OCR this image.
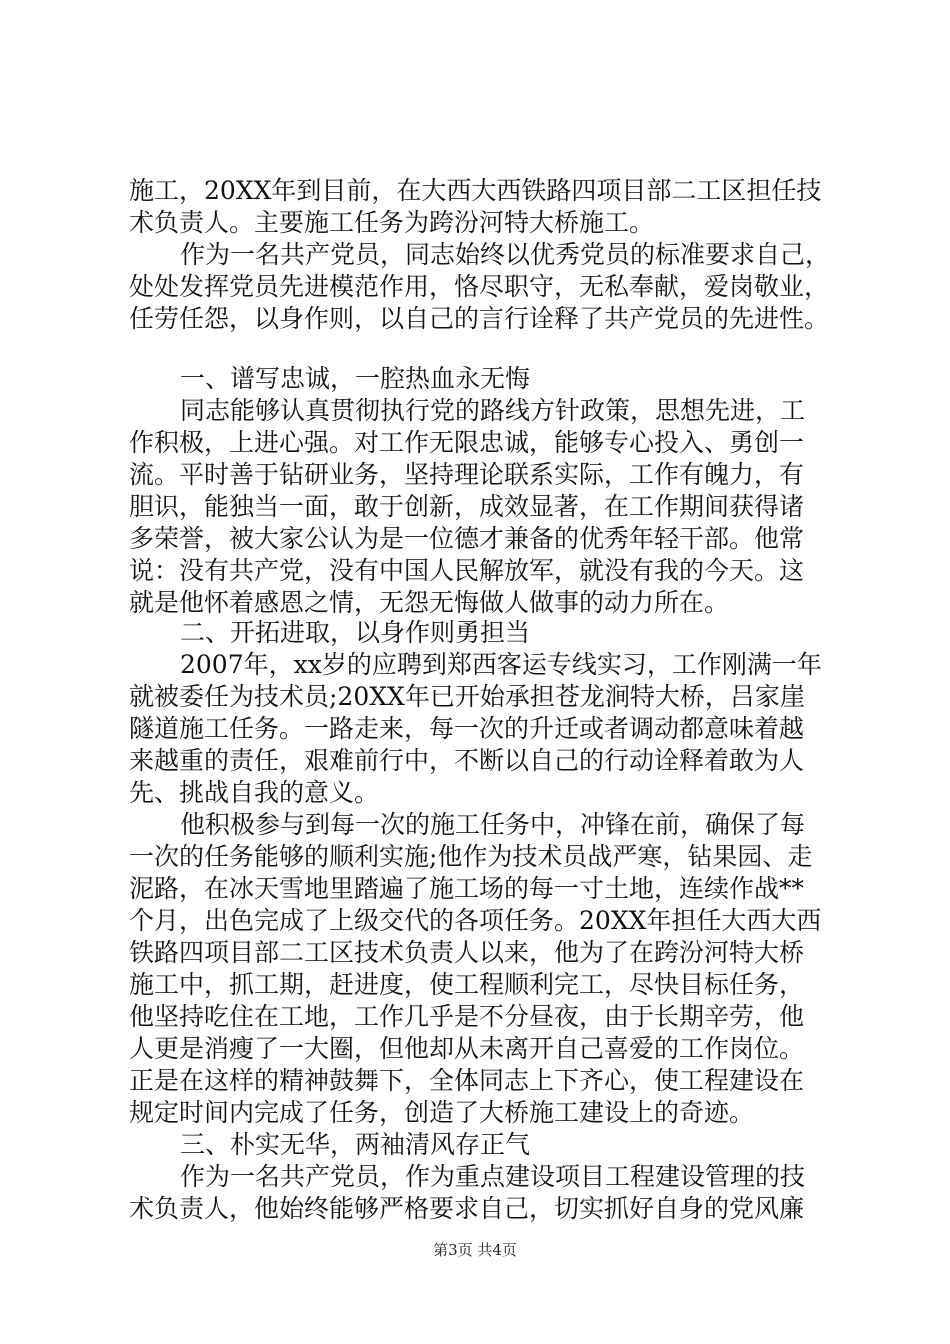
施工，20XX年到目前，在大西大西铁路四项目部二工区担任技
术负责人。主要施工任务为跨汾河特大桥施工。
作为一名共产党员，同志始终以优秀党员的标准要求自己，
处处发挥党员先进模范作用，恪尽职守，无私奉献，爱岗敬业，
任劳任怨，以身作则，以自己的言行诠释了共产党员的先进性。
一、谱写忠诚，一腔热血永无悔
同志能够认真贯彻执行党的路线方针政策，思想先进，工
作积极，上进心强。对工作无限忠诚，能够专心投入、勇创一
流。平时善于钻研业务，坚持理论联系实际，工作有魄力，有
胆识，能独当一面，敢于创新，成效显著，在工作期间获得诸
多荣誉，被大家公认为是一位德才兼备的优秀年轻干部。他常
说：没有共产党，没有中国人民解放军，就没有我的今天。这
就是他怀着感恩之情，无怨无悔做人做事的动力所在。
二、开拓进取，以身作则勇担当
2007年，xx岁的应聘到郑西客运专线实习，工作刚满一年
就被委任为技术员;20XX年已开始承担苍龙涧特大桥，吕家崖
隧道施工任务。一路走来，每一次的升迁或者调动都意味着越
来越重的责任，艰难前行中，不断以自己的行动诠释着敢为人
先、挑战自我的意义。
他积极参与到每一次的施工任务中，冲锋在前，确保了每
一次的任务能够的顺利实施;他作为技术员战严寒，钻果园、走
泥路，在冰天雪地里踏遍了施工场的每一寸土地，连续作战**
个月，出色完成了上级交代的各项任务。20XX年担任大西大西
铁路四项目部二工区技术负责人以来，他为了在跨汾河特大桥
施工中，抓工期，赶进度，使工程顺利完工，尽快目标任务，
他坚持吃住在工地，工作几乎是不分昼夜，由于长期辛劳，他
人更是消瘦了一大圈，但他却从未离开自己喜爱的工作岗位。
正是在这样的精神鼓舞下，全体同志上下齐心，使工程建设在
规定时间内完成了任务，创造了大桥施工建设上的奇迹。
三、朴实无华，两袖清风存正气
作为一名共产党员，作为重点建设项目工程建设管理的技
术负责人，他始终能够严格要求自己，切实抓好自身的党风廉
第3页 共4页
